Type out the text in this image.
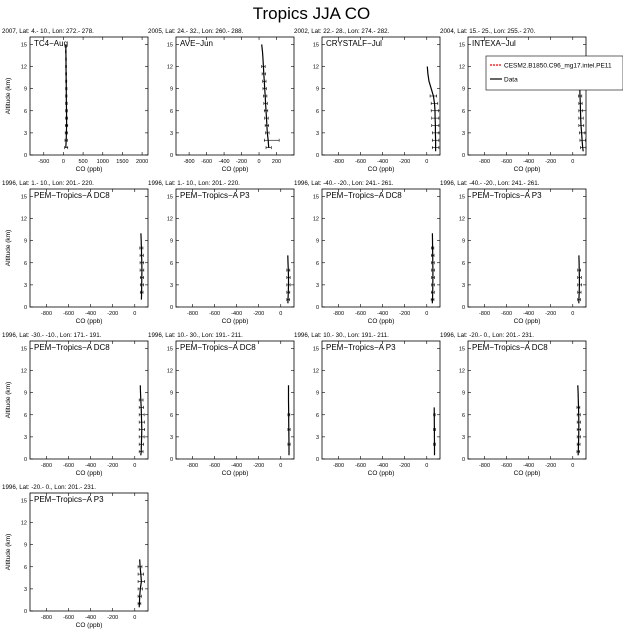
Tropics JJA CO
2007, Lat: 4.- 10., Lon: 272.- 278.
TC4−Aug
0
3
6
9
12
15
-500 0 500 1000 1500 2000
CO (ppb)
Altitude (km)
2005, Lat: 24.- 32., Lon: 260.- 288.
AVE−Jun
0
3
6
9
12
15
-800 -600 -400 -200 0 200
CO (ppb)
2002, Lat: 22.- 28., Lon: 274.- 282.
CRYSTALF−Jul
0
3
6
9
12
15
-800 -600 -400 -200	0
CO (ppb)
2004, Lat: 15.- 25., Lon: 255.- 270.
INTEXA−Jul
0
3
6
9
12
15
-800 -600 -400 -200	0
CO (ppb)
1996, Lat: 1.- 10., Lon: 201.- 220.
PEM−Tropics−A DC8
0
3
6
9
12
15
-800 -600 -400 -200	0
CO (ppb)
Altitude (km)
1996, Lat: 1.- 10., Lon: 201.- 220.
PEM−Tropics−A P3
0
3
6
9
12
15
-800 -600 -400 -200	0
CO (ppb)
1996, Lat: -40.- -20., Lon: 241.- 261.
PEM−Tropics−A DC8
0
3
6
9
12
15
-800 -600 -400 -200	0
CO (ppb)
1996, Lat: -40.- -20., Lon: 241.- 261.
PEM−Tropics−A P3
0
3
6
9
12
15
-800 -600 -400 -200	0
CO (ppb)
1996, Lat: -30.- -10., Lon: 171.- 191.
PEM−Tropics−A DC8
0
3
6
9
12
15
-800 -600 -400 -200	0
CO (ppb)
Altitude (km)
1996, Lat: 10.- 30., Lon: 191.- 211.
PEM−Tropics−A DC8
0
3
6
9
12
15
-800 -600 -400 -200	0
CO (ppb)
1996, Lat: 10.- 30., Lon: 191.- 211.
PEM−Tropics−A P3
0
3
6
9
12
15
-800 -600 -400 -200	0
CO (ppb)
1996, Lat: -20.- 0., Lon: 201.- 231.
PEM−Tropics−A DC8
0
3
6
9
12
15
-800 -600 -400 -200	0
CO (ppb)
1996, Lat: -20.- 0., Lon: 201.- 231.
PEM−Tropics−A P3
0
3
6
9
12
15
-800 -600 -400 -200	0
CO (ppb)
Altitude (km)
CESM2.B1850.C96_mg17.intel.PE11
Data
